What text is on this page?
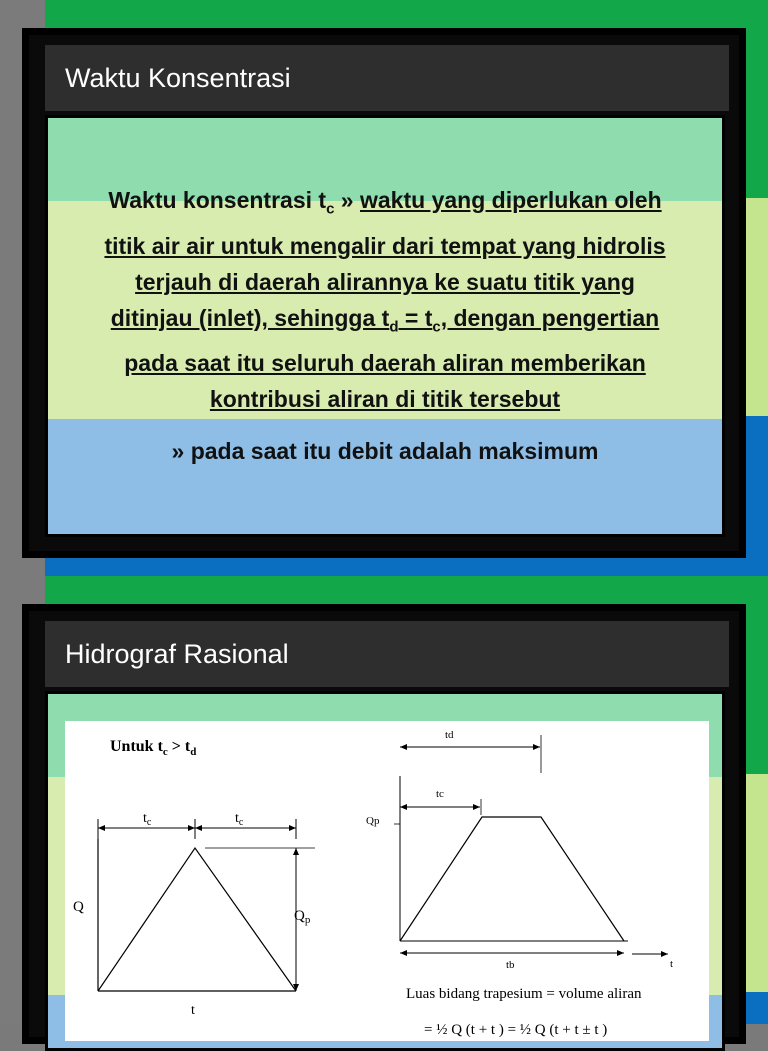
Waktu Konsentrasi
Waktu konsentrasi $t_c$ » waktu yang diperlukan oleh
titik air air untuk mengalir dari tempat yang hidrolis
terjauh di daerah alirannya ke suatu titik yang
ditinjau (inlet), sehingga $t_d = t_c$, dengan pengertian
pada saat itu seluruh daerah aliran memberikan
kontribusi aliran di titik tersebut
» pada saat itu debit adalah maksimum
Hidrograf Rasional
Untuk $t_c > t_d$
$t_c$	$t_c$
Q
$Q_p$
t
td
tc
Qp
tb	t
Luas bidang trapesium = volume aliran
= ½ Q (t + t ) = ½ Q (t + t ± t )
